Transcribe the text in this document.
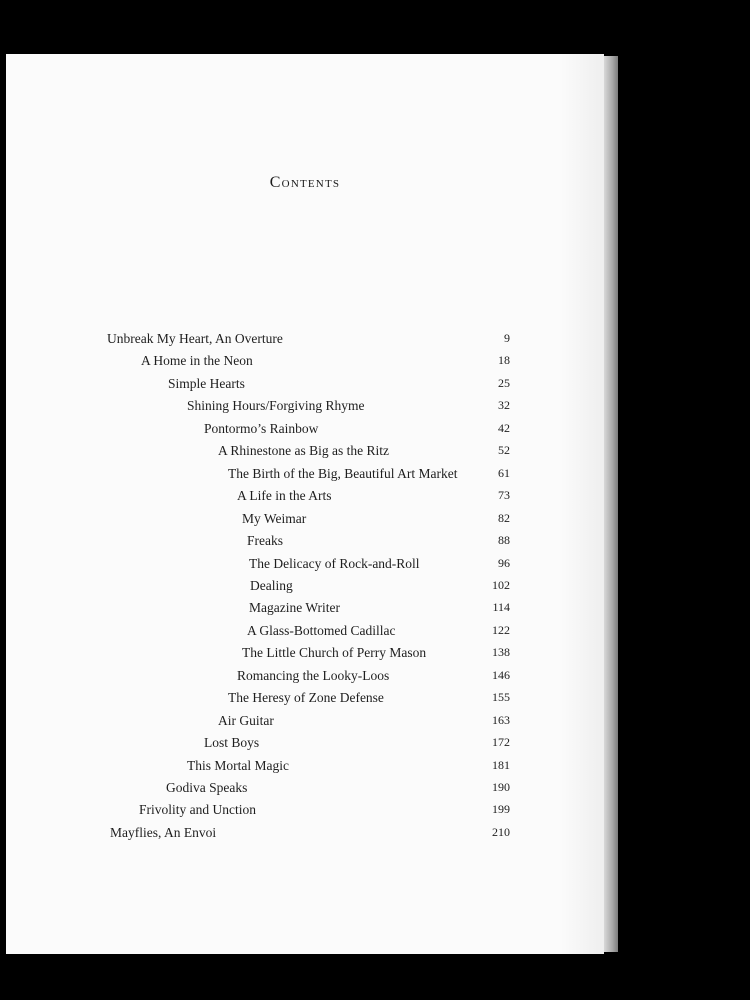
Contents
Unbreak My Heart, An Overture	9
A Home in the Neon	18
Simple Hearts	25
Shining Hours/Forgiving Rhyme	32
Pontormo’s Rainbow	42
A Rhinestone as Big as the Ritz	52
The Birth of the Big, Beautiful Art Market	61
A Life in the Arts	73
My Weimar	82
Freaks	88
The Delicacy of Rock-and-Roll	96
Dealing	102
Magazine Writer	114
A Glass-Bottomed Cadillac	122
The Little Church of Perry Mason	138
Romancing the Looky-Loos	146
The Heresy of Zone Defense	155
Air Guitar	163
Lost Boys	172
This Mortal Magic	181
Godiva Speaks	190
Frivolity and Unction	199
Mayflies, An Envoi	210
